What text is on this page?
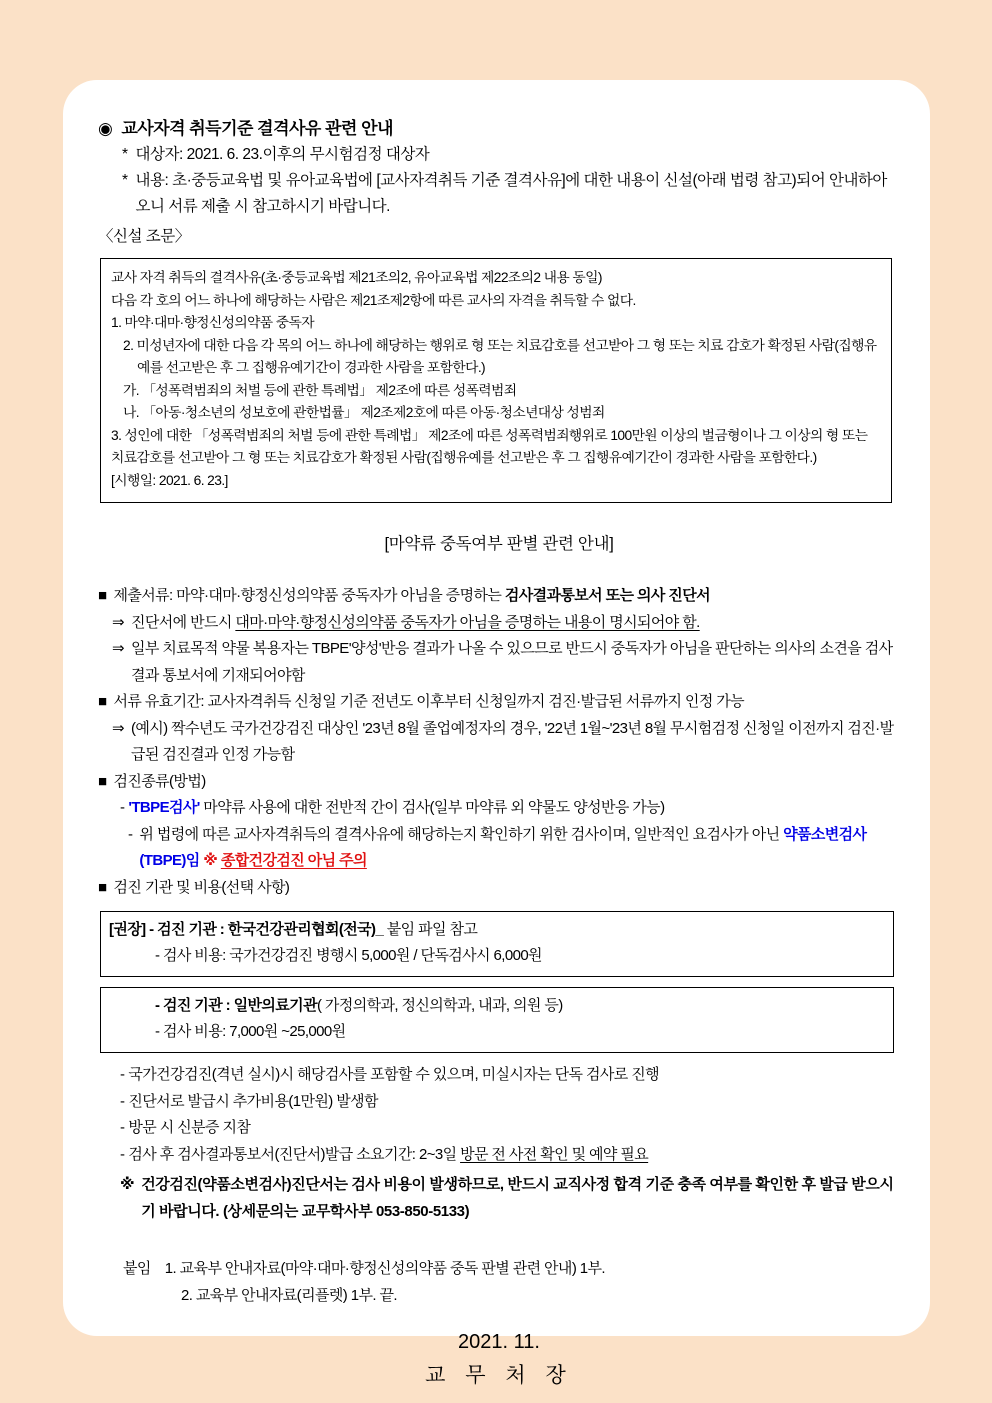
◉ 교사자격 취득기준 결격사유 관련 안내
* 대상자: 2021. 6. 23.이후의 무시험검정 대상자
* 내용: 초·중등교육법 및 유아교육법에 [교사자격취득 기준 결격사유]에 대한 내용이 신설(아래 법령 참고)되어 안내하아오니 서류 제출 시 참고하시기 바랍니다.
〈신설 조문〉
교사 자격 취득의 결격사유(초·중등교육법 제21조의2, 유아교육법 제22조의2 내용 동일)
다음 각 호의 어느 하나에 해당하는 사람은 제21조제2항에 따른 교사의 자격을 취득할 수 없다.
1. 마약·대마·향정신성의약품 중독자
2. 미성년자에 대한 다음 각 목의 어느 하나에 해당하는 행위로 형 또는 치료감호를 선고받아 그 형 또는 치료 감호가 확정된 사람(집행유예를 선고받은 후 그 집행유예기간이 경과한 사람을 포함한다.)
가. 「성폭력범죄의 처벌 등에 관한 특례법」 제2조에 따른 성폭력범죄
나. 「아동·청소년의 성보호에 관한법률」 제2조제2호에 따른 아동·청소년대상 성범죄
3. 성인에 대한 「성폭력범죄의 처벌 등에 관한 특례법」 제2조에 따른 성폭력범죄행위로 100만원 이상의 벌금형이나 그 이상의 형 또는 치료감호를 선고받아 그 형 또는 치료감호가 확정된 사람(집행유예를 선고받은 후 그 집행유예기간이 경과한 사람을 포함한다.)
[시행일: 2021. 6. 23.]
[마약류 중독여부 판별 관련 안내]
■ 제출서류: 마약·대마·향정신성의약품 중독자가 아님을 증명하는 검사결과통보서 또는 의사 진단서
⇒ 진단서에 반드시 대마·마약·향정신성의약품 중독자가 아님을 증명하는 내용이 명시되어야 함.
⇒ 일부 치료목적 약물 복용자는 TBPE'양성'반응 결과가 나올 수 있으므로 반드시 중독자가 아님을 판단하는 의사의 소견을 검사결과 통보서에 기재되어야함
■ 서류 유효기간: 교사자격취득 신청일 기준 전년도 이후부터 신청일까지 검진·발급된 서류까지 인정 가능
⇒ (예시) 짝수년도 국가건강검진 대상인 '23년 8월 졸업예정자의 경우, '22년 1월~'23년 8월 무시험검정 신청일 이전까지 검진·발급된 검진결과 인정 가능함
■ 검진종류(방법)
- 'TBPE검사' 마약류 사용에 대한 전반적 간이 검사(일부 마약류 외 약물도 양성반응 가능)
- 위 법령에 따른 교사자격취득의 결격사유에 해당하는지 확인하기 위한 검사이며, 일반적인 요검사가 아닌 약품소변검사(TBPE)임 ※ 종합건강검진 아님 주의
■ 검진 기관 및 비용(선택 사항)
[권장] - 검진 기관 : 한국건강관리협회(전국)_ 붙임 파일 참고
- 검사 비용: 국가건강검진 병행시 5,000원 / 단독검사시 6,000원
- 검진 기관 : 일반의료기관( 가정의학과, 정신의학과, 내과, 의원 등)
- 검사 비용: 7,000원 ~25,000원
- 국가건강검진(격년 실시)시 해당검사를 포함할 수 있으며, 미실시자는 단독 검사로 진행
- 진단서로 발급시 추가비용(1만원) 발생함
- 방문 시 신분증 지참
- 검사 후 검사결과통보서(진단서)발급 소요기간: 2~3일 방문 전 사전 확인 및 예약 필요
※ 건강검진(약품소변검사)진단서는 검사 비용이 발생하므로, 반드시 교직사정 합격 기준 충족 여부를 확인한 후 발급 받으시기 바랍니다. (상세문의는 교무학사부 053-850-5133)
붙임 1. 교육부 안내자료(마약·대마·향정신성의약품 중독 판별 관련 안내) 1부.
2. 교육부 안내자료(리플렛) 1부. 끝.
2021. 11.
교 무 처 장
